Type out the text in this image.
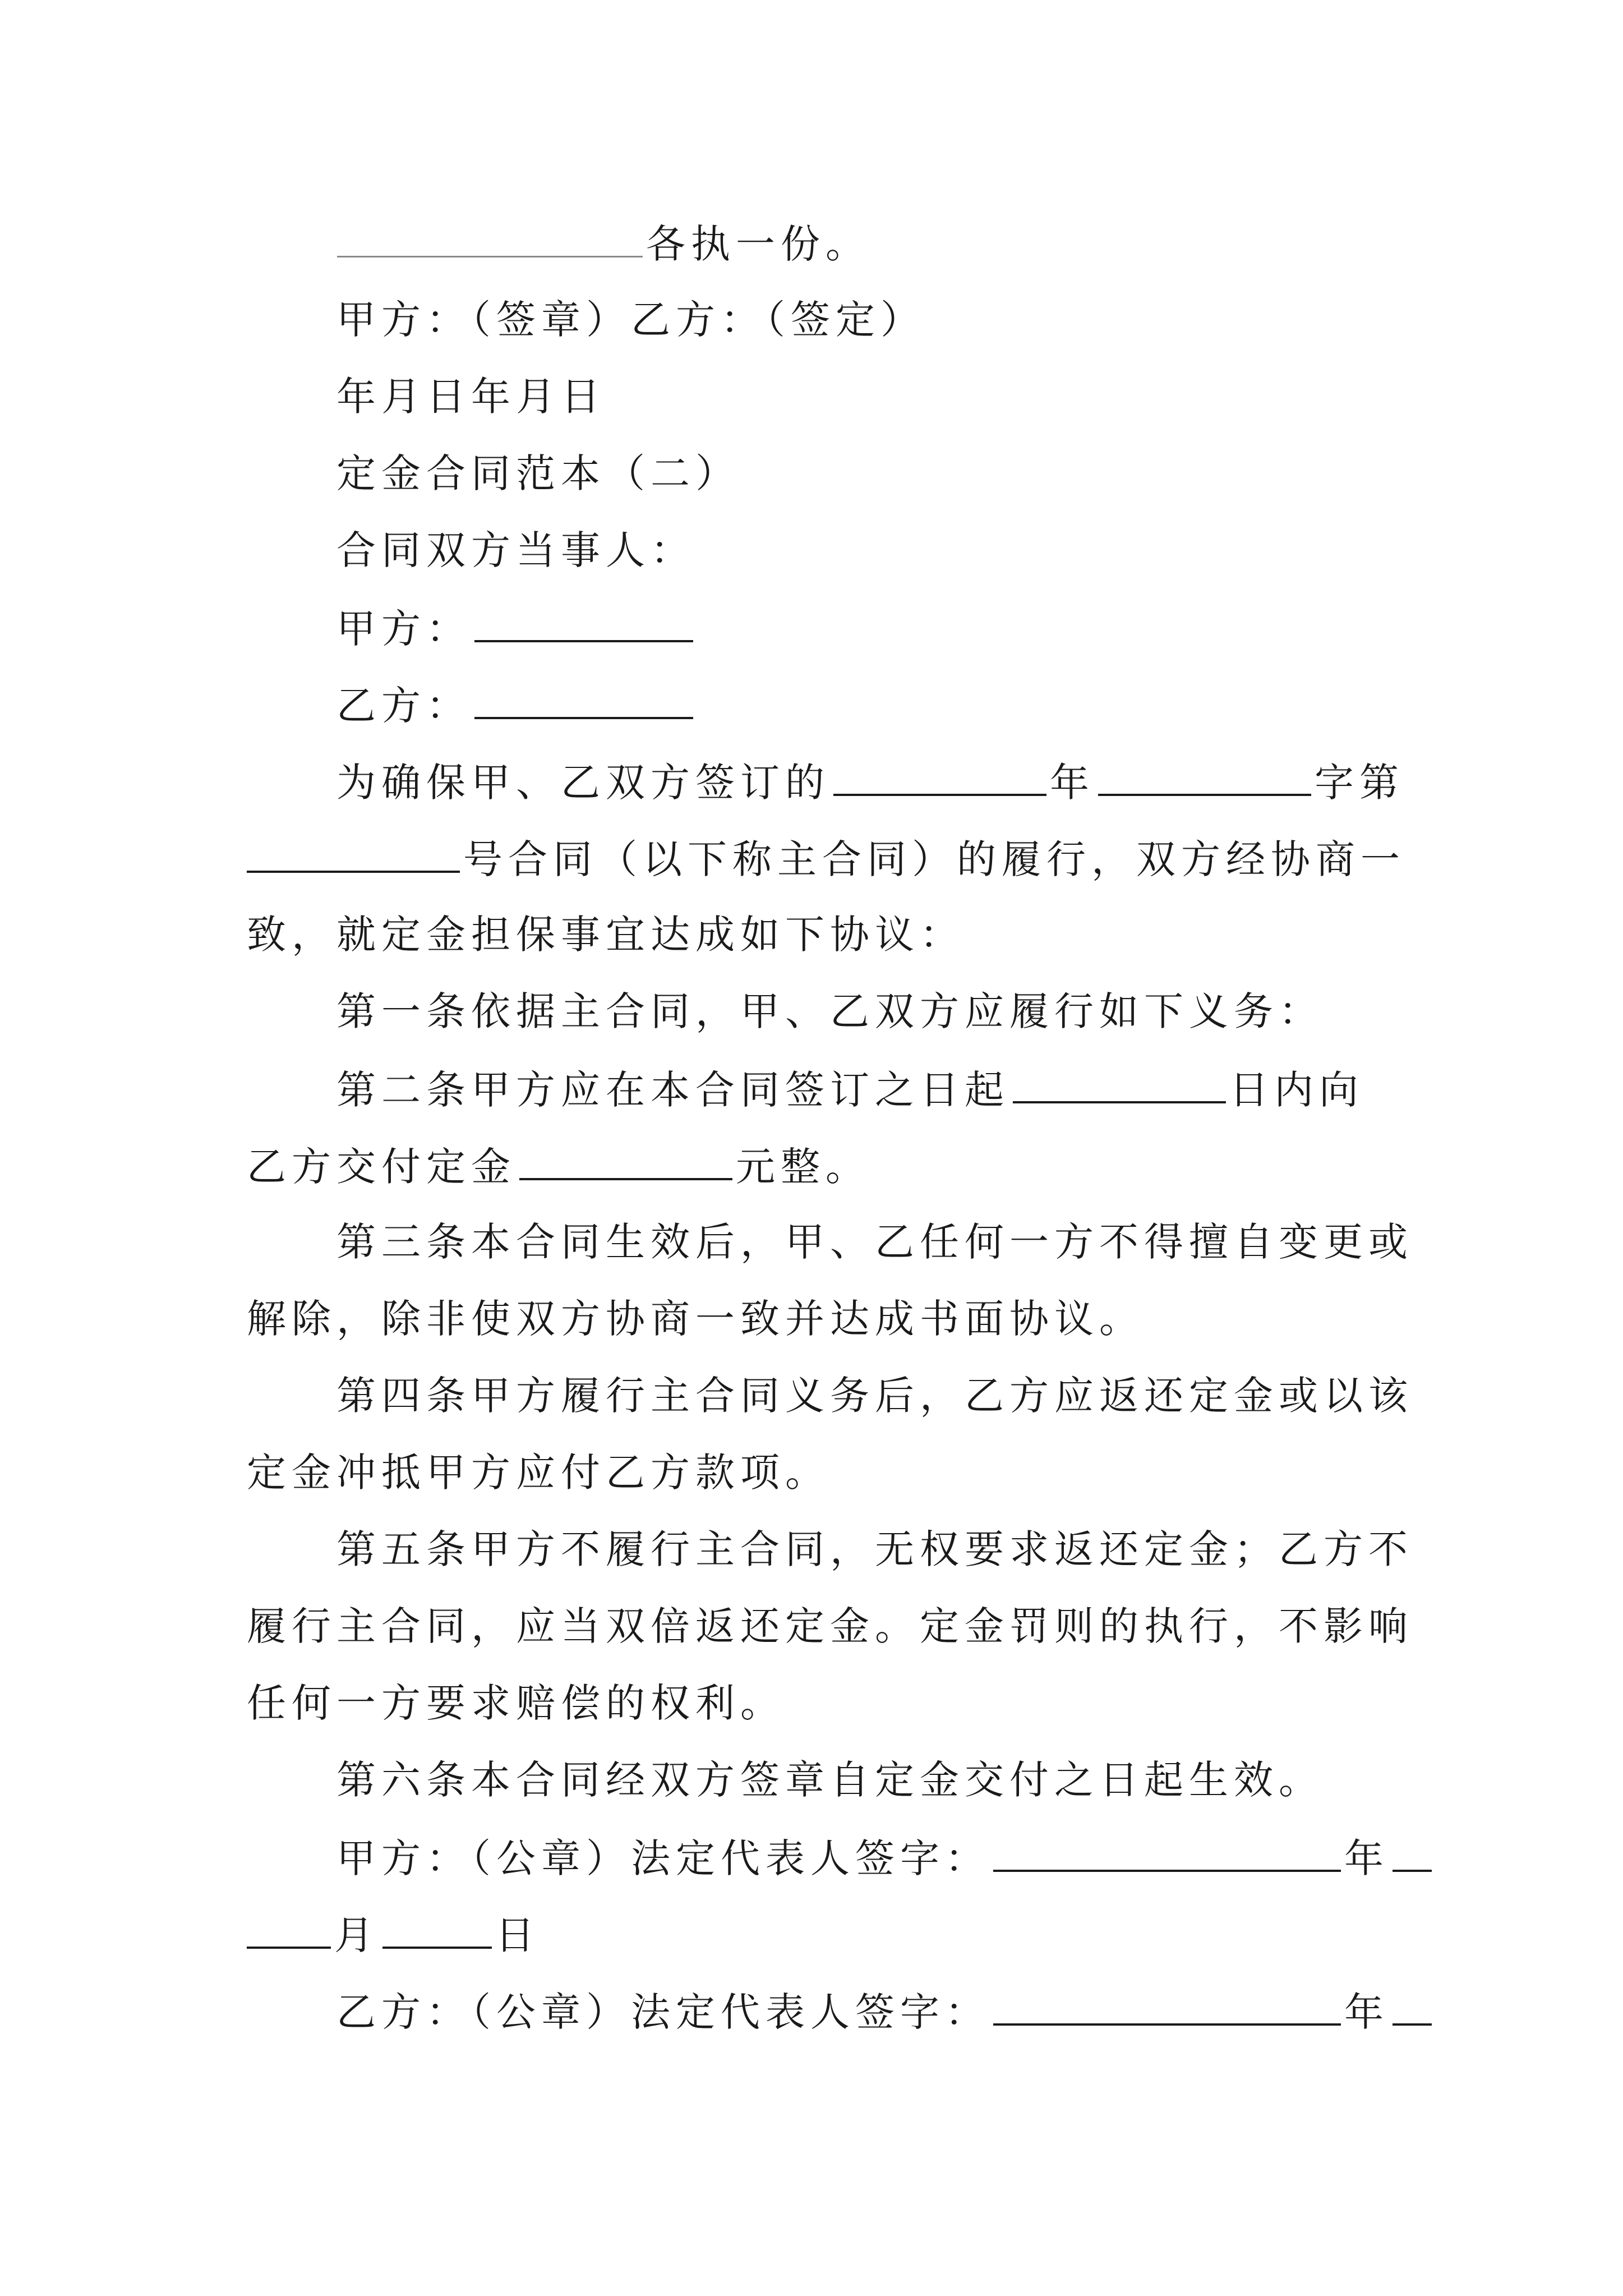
各执一份。
甲方：（签章）乙方：（签定）
年月日年月日
定金合同范本（二）
合同双方当事人：
甲方：
乙方：
为确保甲、乙双方签订的	年	字第
号合同（以下称主合同）的履行，双方经协商一
致，就定金担保事宜达成如下协议：
第一条依据主合同，甲、乙双方应履行如下义务：
第二条甲方应在本合同签订之日起	日内向
乙方交付定金	元整。
第三条本合同生效后，甲、乙任何一方不得擅自变更或
解除，除非使双方协商一致并达成书面协议。
第四条甲方履行主合同义务后，乙方应返还定金或以该
定金冲抵甲方应付乙方款项。
第五条甲方不履行主合同，无权要求返还定金；乙方不
履行主合同，应当双倍返还定金。定金罚则的执行，不影响
任何一方要求赔偿的权利。
第六条本合同经双方签章自定金交付之日起生效。
甲方：（公章）法定代表人签字：	年
月	日
乙方：（公章）法定代表人签字：	年
